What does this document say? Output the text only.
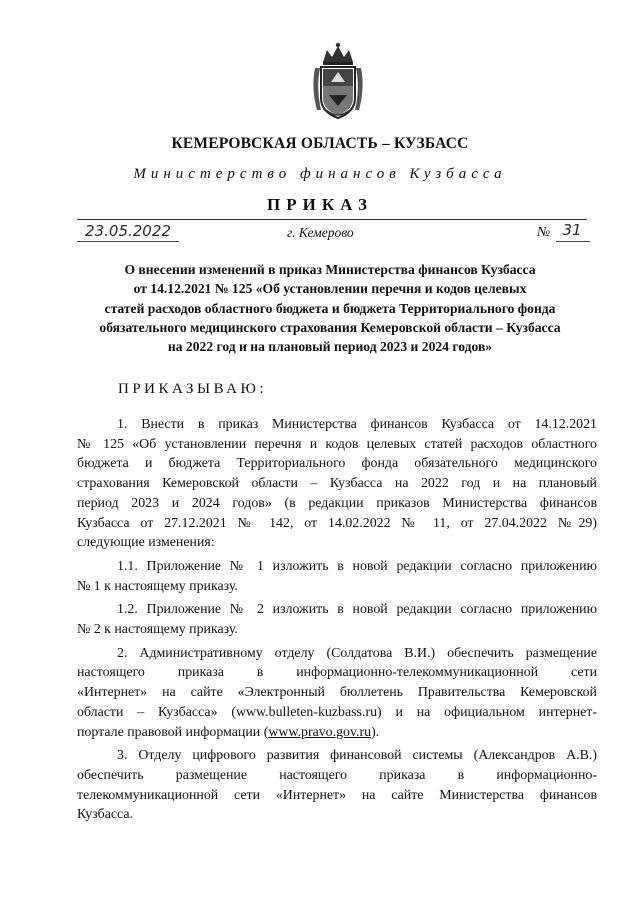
КЕМЕРОВСКАЯ ОБЛАСТЬ – КУЗБАСС
Министерство финансов Кузбасса
ПРИКАЗ
23.05.2022	г. Кемерово	№ 31
О внесении изменений в приказ Министерства финансов Кузбасса
от 14.12.2021 № 125 «Об установлении перечня и кодов целевых
статей расходов областного бюджета и бюджета Территориального фонда
обязательного медицинского страхования Кемеровской области – Кузбасса
на 2022 год и на плановый период 2023 и 2024 годов»
ПРИКАЗЫВАЮ:
1. Внести в приказ Министерства финансов Кузбасса от 14.12.2021
№ 125 «Об установлении перечня и кодов целевых статей расходов областного
бюджета и бюджета Территориального фонда обязательного медицинского
страхования Кемеровской области – Кузбасса на 2022 год и на плановый
период 2023 и 2024 годов» (в редакции приказов Министерства финансов
Кузбасса от 27.12.2021 № 142, от 14.02.2022 № 11, от 27.04.2022 №29)
следующие изменения:
1.1. Приложение № 1 изложить в новой редакции согласно приложению
№ 1 к настоящему приказу.
1.2. Приложение № 2 изложить в новой редакции согласно приложению
№ 2 к настоящему приказу.
2. Административному отделу (Солдатова В.И.) обеспечить размещение
настоящего приказа в информационно-телекоммуникационной сети
«Интернет» на сайте «Электронный бюллетень Правительства Кемеровской
области – Кузбасса» (www.bulleten-kuzbass.ru) и на официальном интернет-
портале правовой информации (www.pravo.gov.ru).
3. Отделу цифрового развития финансовой системы (Александров А.В.)
обеспечить размещение настоящего приказа в информационно-
телекоммуникационной сети «Интернет» на сайте Министерства финансов
Кузбасса.
